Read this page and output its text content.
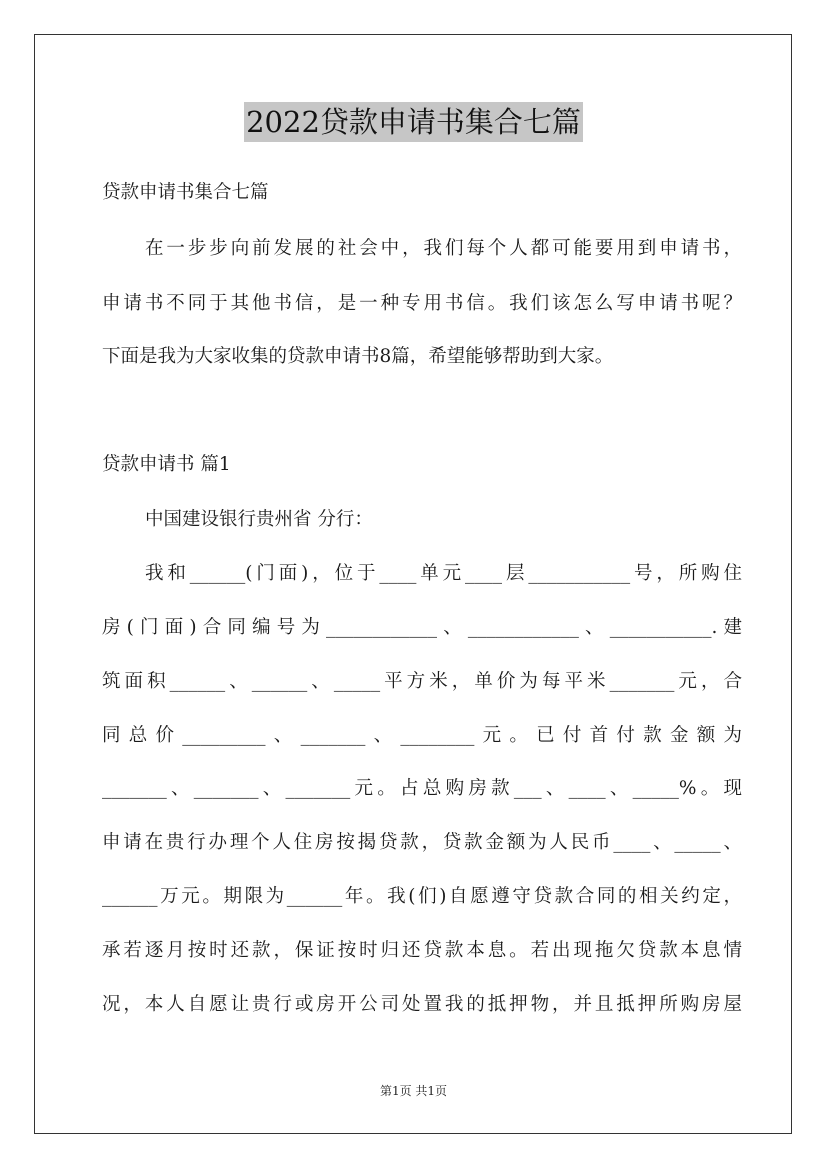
2022贷款申请书集合七篇
贷款申请书集合七篇
在一步步向前发展的社会中，我们每个人都可能要用到申请书，
申请书不同于其他书信，是一种专用书信。我们该怎么写申请书呢？
下面是我为大家收集的贷款申请书8篇，希望能够帮助到大家。
贷款申请书 篇1
中国建设银行贵州省 分行：
我和______(门面)，位于____单元____层___________号，所购住
房(门面)合同编号为____________、____________、___________.建
筑面积______、______、_____平方米，单价为每平米_______元，合
同总价_________、_______、________元。已付首付款金额为
_______、_______、_______元。占总购房款___、____、_____%。现
申请在贵行办理个人住房按揭贷款，贷款金额为人民币____、_____、
______万元。期限为______年。我(们)自愿遵守贷款合同的相关约定，
承若逐月按时还款，保证按时归还贷款本息。若出现拖欠贷款本息情
况，本人自愿让贵行或房开公司处置我的抵押物，并且抵押所购房屋
第1页 共1页
